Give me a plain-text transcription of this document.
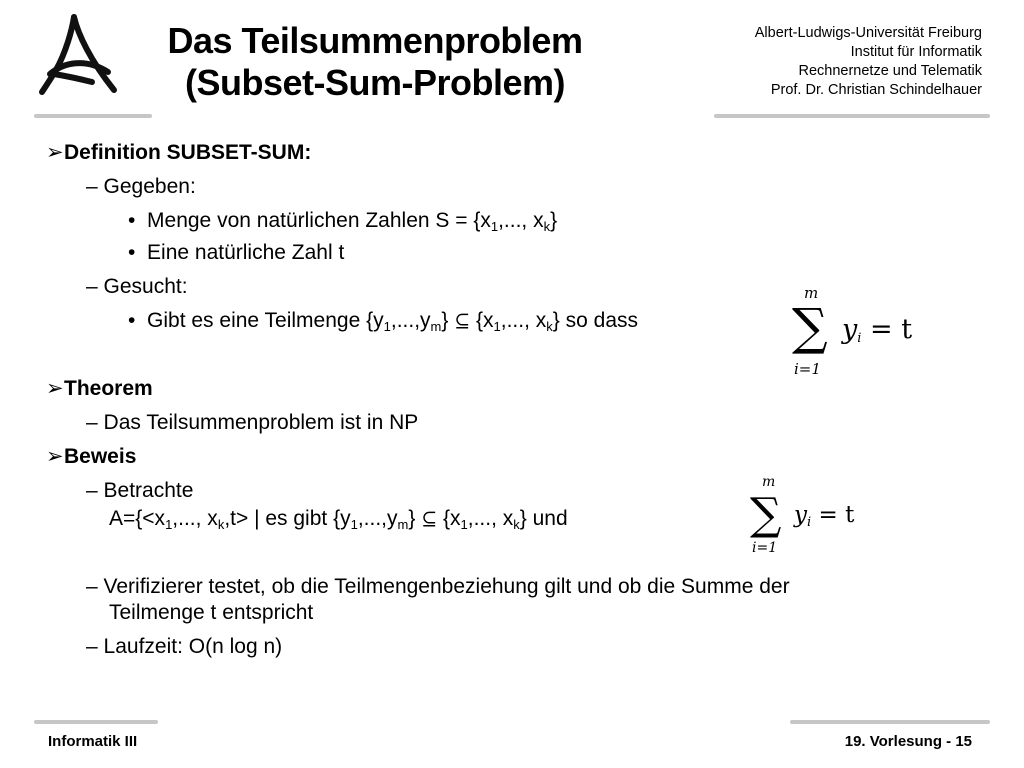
Das Teilsummenproblem
(Subset-Sum-Problem)
Albert-Ludwigs-Universität Freiburg
Institut für Informatik
Rechnernetze und Telematik
Prof. Dr. Christian Schindelhauer
➢Definition SUBSET-SUM:
– Gegeben:
• Menge von natürlichen Zahlen $S = \{x_1$,..., $x_k$}
• Eine natürliche Zahl t
– Gesucht:
• Gibt es eine Teilmenge $\{y_1,...,y_m\}$ ⊆ {$x_1$,..., $x_k$} so dass
m
∑
i=1
$y_i = t$
➢Theorem
– Das Teilsummenproblem ist in NP
➢Beweis
– Betrachte
$A=\{<x_1$,..., $x_k,t>$ | es gibt $\{y_1,...,y_m\}$ ⊆ {$x_1$,..., $x_k$} und
m
∑
i=1
$y_i = t$
– Verifizierer testet, ob die Teilmengenbeziehung gilt und ob die Summe der
Teilmenge t entspricht
– Laufzeit: O(n log n)
Informatik III	19. Vorlesung - 15
